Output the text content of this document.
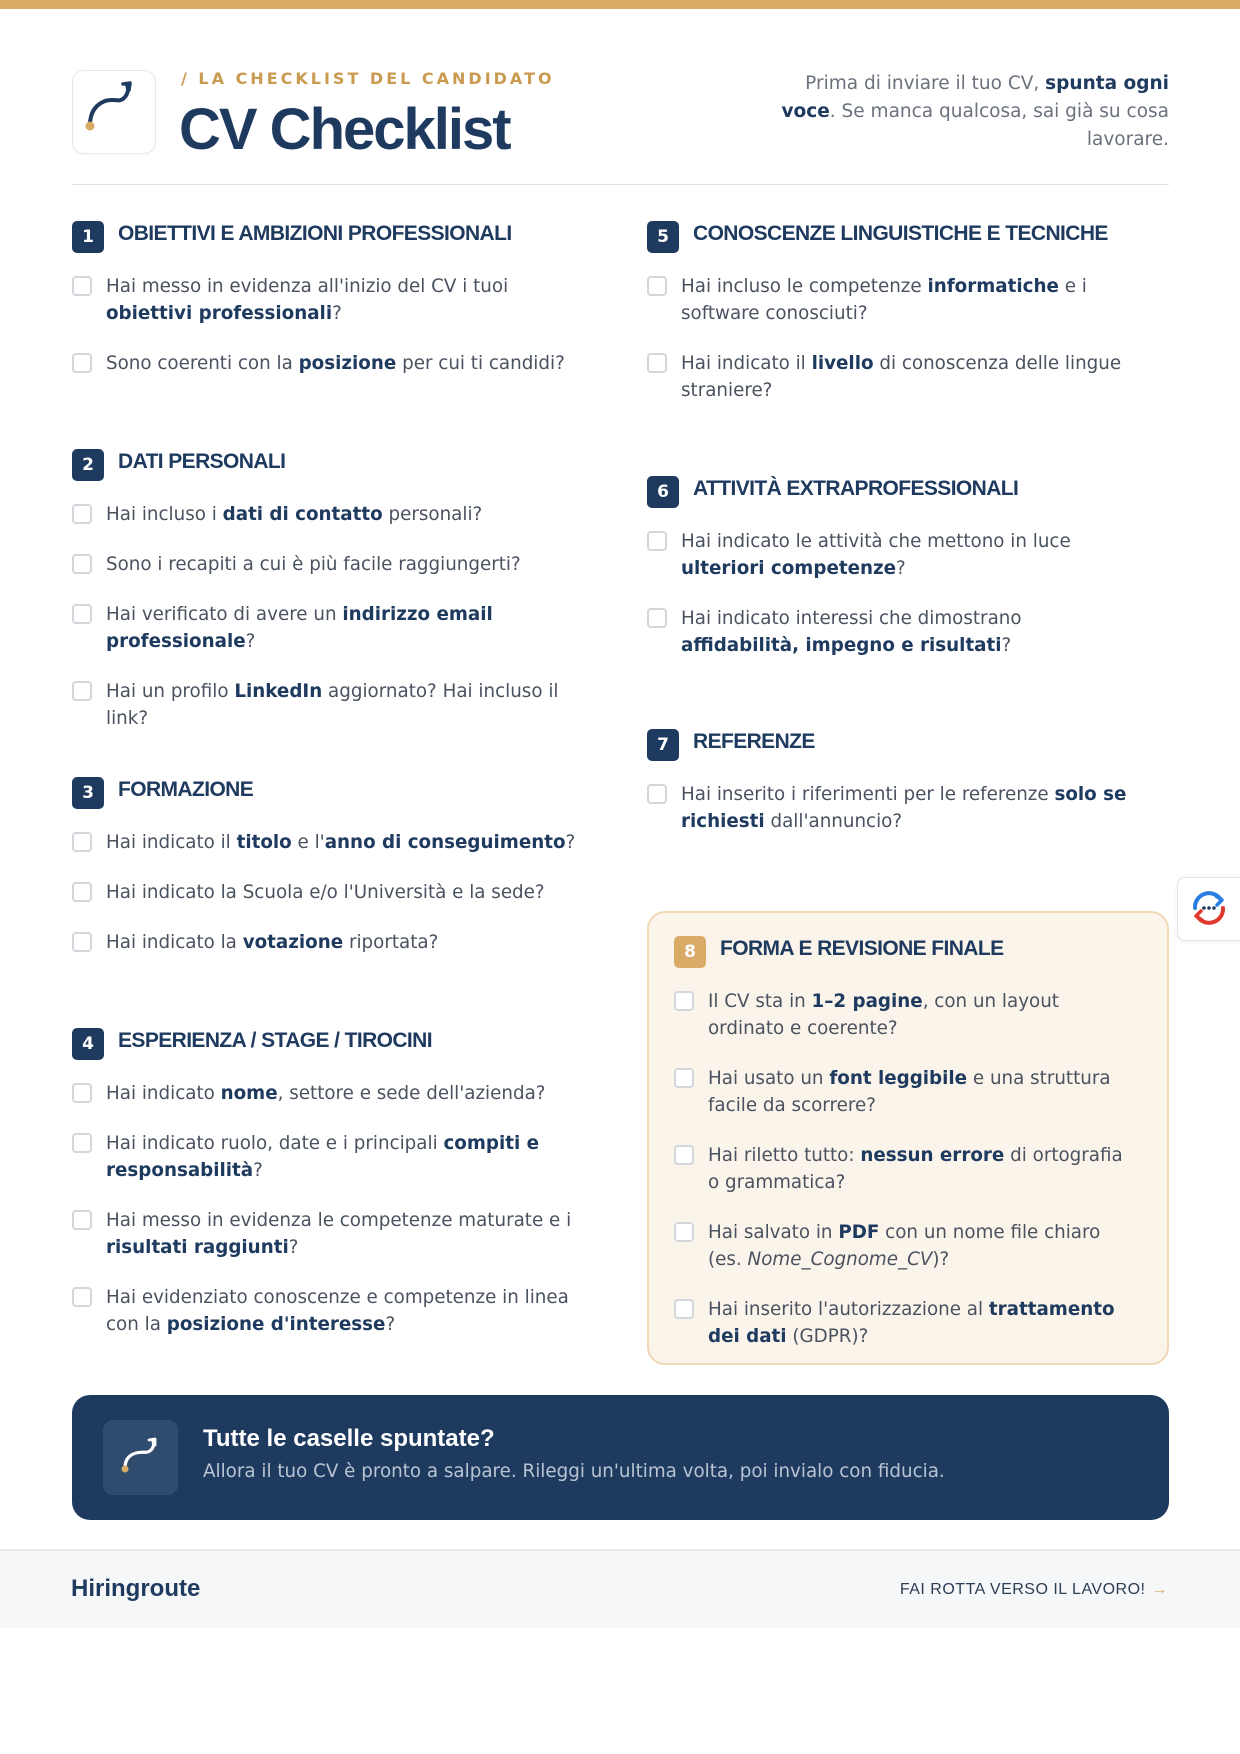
/ LA CHECKLIST DEL CANDIDATO
CV Checklist
Prima di inviare il tuo CV, spunta ogni voce. Se manca qualcosa, sai già su cosa lavorare.
1	OBIETTIVI E AMBIZIONI PROFESSIONALI
Hai messo in evidenza all'inizio del CV i tuoi obiettivi professionali?
Sono coerenti con la posizione per cui ti candidi?
2	DATI PERSONALI
Hai incluso i dati di contatto personali?
Sono i recapiti a cui è più facile raggiungerti?
Hai verificato di avere un indirizzo email professionale?
Hai un profilo LinkedIn aggiornato? Hai incluso il link?
3	FORMAZIONE
Hai indicato il titolo e l'anno di conseguimento?
Hai indicato la Scuola e/o l'Università e la sede?
Hai indicato la votazione riportata?
4	ESPERIENZA / STAGE / TIROCINI
Hai indicato nome, settore e sede dell'azienda?
Hai indicato ruolo, date e i principali compiti e responsabilità?
Hai messo in evidenza le competenze maturate e i risultati raggiunti?
Hai evidenziato conoscenze e competenze in linea con la posizione d'interesse?
5	CONOSCENZE LINGUISTICHE E TECNICHE
Hai incluso le competenze informatiche e i software conosciuti?
Hai indicato il livello di conoscenza delle lingue straniere?
6	ATTIVITÀ EXTRAPROFESSIONALI
Hai indicato le attività che mettono in luce ulteriori competenze?
Hai indicato interessi che dimostrano affidabilità, impegno e risultati?
7	REFERENZE
Hai inserito i riferimenti per le referenze solo se richiesti dall'annuncio?
8	FORMA E REVISIONE FINALE
Il CV sta in 1–2 pagine, con un layout ordinato e coerente?
Hai usato un font leggibile e una struttura facile da scorrere?
Hai riletto tutto: nessun errore di ortografia o grammatica?
Hai salvato in PDF con un nome file chiaro (es. Nome_Cognome_CV)?
Hai inserito l'autorizzazione al trattamento dei dati (GDPR)?
Tutte le caselle spuntate?
Allora il tuo CV è pronto a salpare. Rileggi un'ultima volta, poi invialo con fiducia.
Hiringroute	FAI ROTTA VERSO IL LAVORO! →
